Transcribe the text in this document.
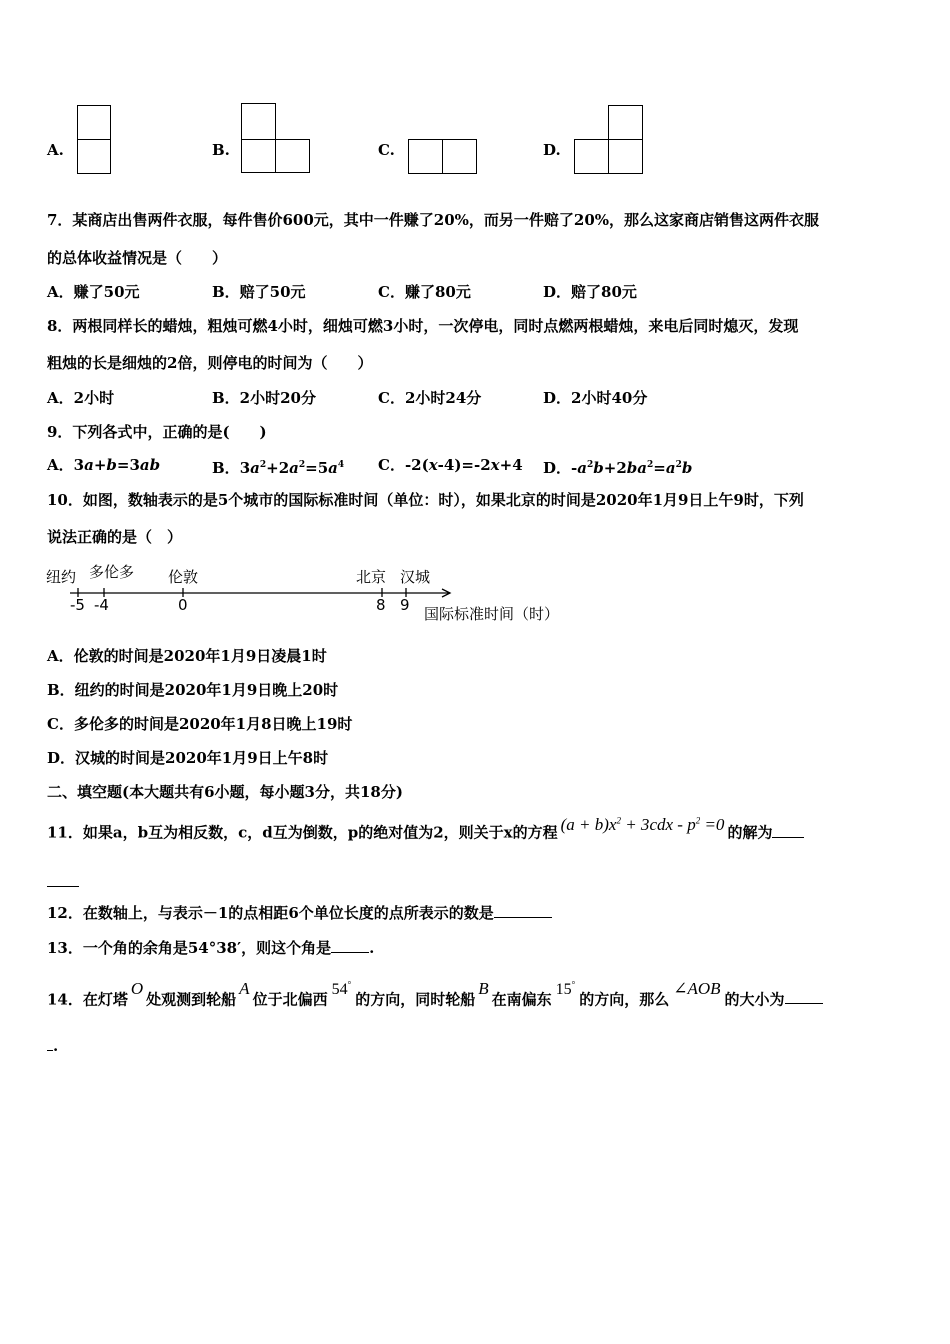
A.	B.	C.	D.
7．某商店出售两件衣服，每件售价600元，其中一件赚了20%，而另一件赔了20%，那么这家商店销售这两件衣服
的总体收益情况是（　　）
A．赚了50元	B．赔了50元	C．赚了80元	D．赔了80元
8．两根同样长的蜡烛，粗烛可燃4小时，细烛可燃3小时，一次停电，同时点燃两根蜡烛，来电后同时熄灭，发现
粗烛的长是细烛的2倍，则停电的时间为（　　）
A．2小时	B．2小时20分	C．2小时24分	D．2小时40分
9．下列各式中，正确的是(　　)
A．3a+b=3ab	B．$3a^2+2a^2=5a^4$ C．-2(x-4)=-2x+4 D．$-a^2b+2ba^2=a^2b$
10．如图，数轴表示的是5个城市的国际标准时间（单位：时），如果北京的时间是2020年1月9日上午9时，下列
说法正确的是（　）
纽约 多伦多 伦敦	北京 汉城
-5 -4	0	8 9 国际标准时间（时）
A．伦敦的时间是2020年1月9日凌晨1时
B．纽约的时间是2020年1月9日晚上20时
C．多伦多的时间是2020年1月8日晚上19时
D．汉城的时间是2020年1月9日上午8时
二、填空题(本大题共有6小题，每小题3分，共18分)
11．如果a，b互为相反数，c，d互为倒数，p的绝对值为2，则关于x的方程 $(a + b)x^2 + 3cdx - p^2 =0$ 的解为
12．在数轴上，与表示－1的点相距6个单位长度的点所表示的数是
13．一个角的余角是54°38′，则这个角是	.
14．在灯塔O处观测到轮船A位于北偏西54°的方向，同时轮船B在南偏东15°的方向，那么∠AOB的大小为
.
